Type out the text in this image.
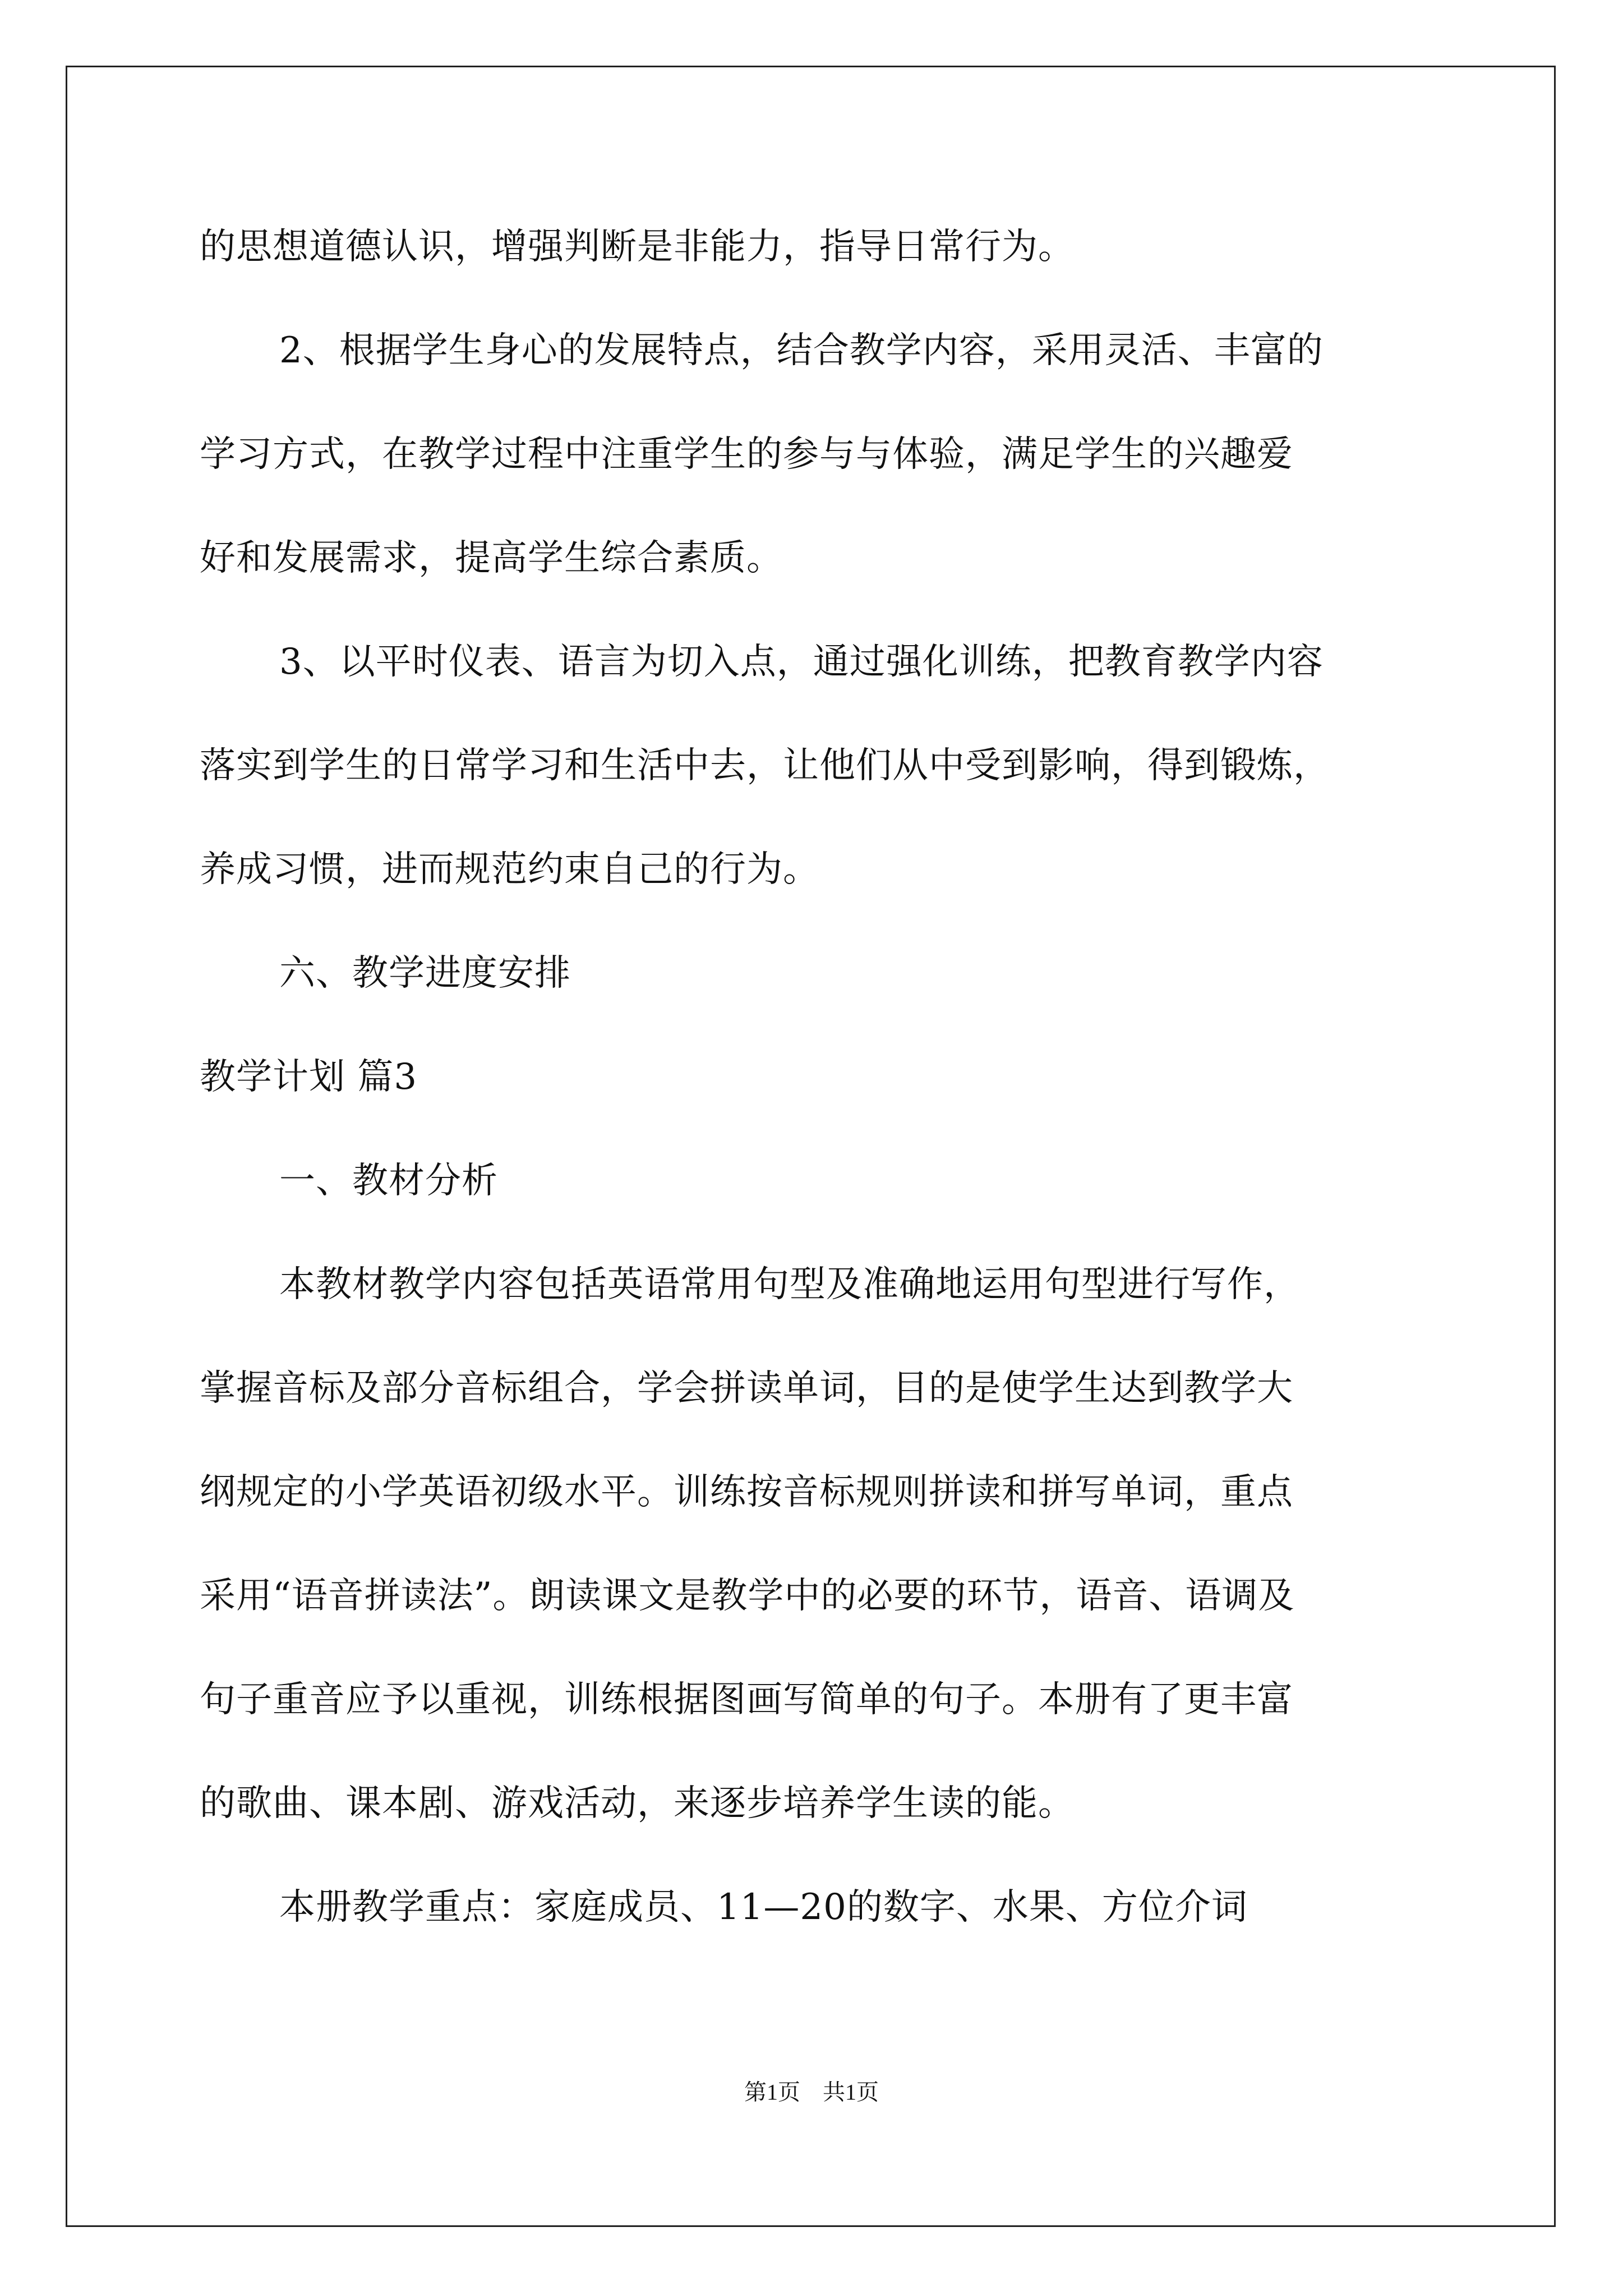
的思想道德认识，增强判断是非能力，指导日常行为。
2、根据学生身心的发展特点，结合教学内容，采用灵活、丰富的
学习方式，在教学过程中注重学生的参与与体验，满足学生的兴趣爱
好和发展需求，提高学生综合素质。
3、以平时仪表、语言为切入点，通过强化训练，把教育教学内容
落实到学生的日常学习和生活中去，让他们从中受到影响，得到锻炼，
养成习惯，进而规范约束自己的行为。
六、教学进度安排
教学计划 篇3
一、教材分析
本教材教学内容包括英语常用句型及准确地运用句型进行写作，
掌握音标及部分音标组合，学会拼读单词，目的是使学生达到教学大
纲规定的小学英语初级水平。训练按音标规则拼读和拼写单词，重点
采用“语音拼读法”。朗读课文是教学中的必要的环节，语音、语调及
句子重音应予以重视，训练根据图画写简单的句子。本册有了更丰富
的歌曲、课本剧、游戏活动，来逐步培养学生读的能。
本册教学重点：家庭成员、11—20的数字、水果、方位介词
第1页 共1页
